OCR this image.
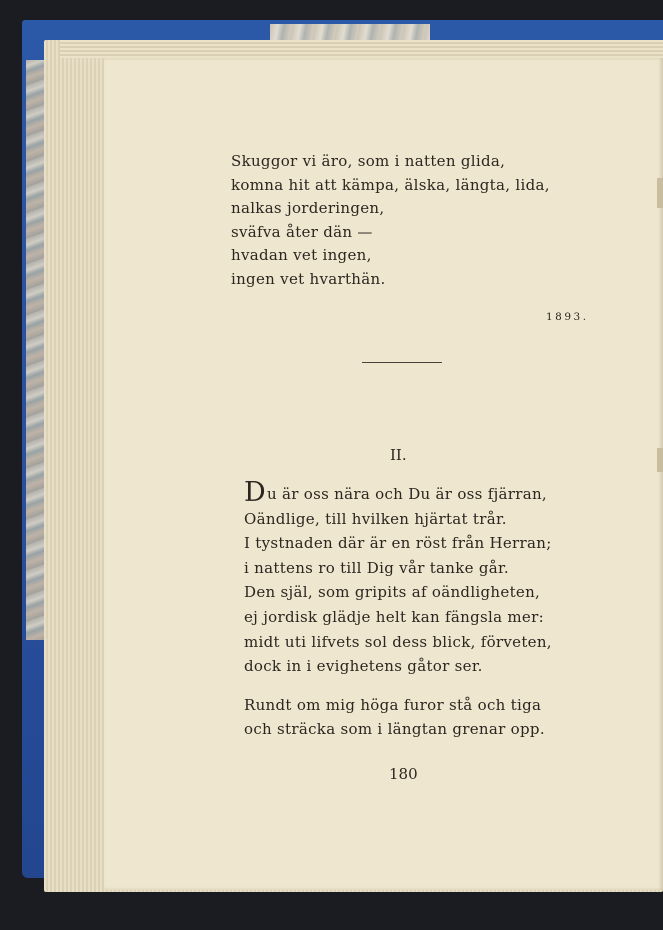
Skuggor vi äro, som i natten glida,
komna hit att kämpa, älska, längta, lida,
nalkas jorderingen,
sväfva åter dän —
hvadan vet ingen,
ingen vet hvarthän.
1893.
II.
Du är oss nära och Du är oss fjärran,
Oändlige, till hvilken hjärtat trår.
I tystnaden där är en röst från Herran;
i nattens ro till Dig vår tanke går.
Den själ, som gripits af oändligheten,
ej jordisk glädje helt kan fängsla mer:
midt uti lifvets sol dess blick, förveten,
dock in i evighetens gåtor ser.
Rundt om mig höga furor stå och tiga
och sträcka som i längtan grenar opp.
180
